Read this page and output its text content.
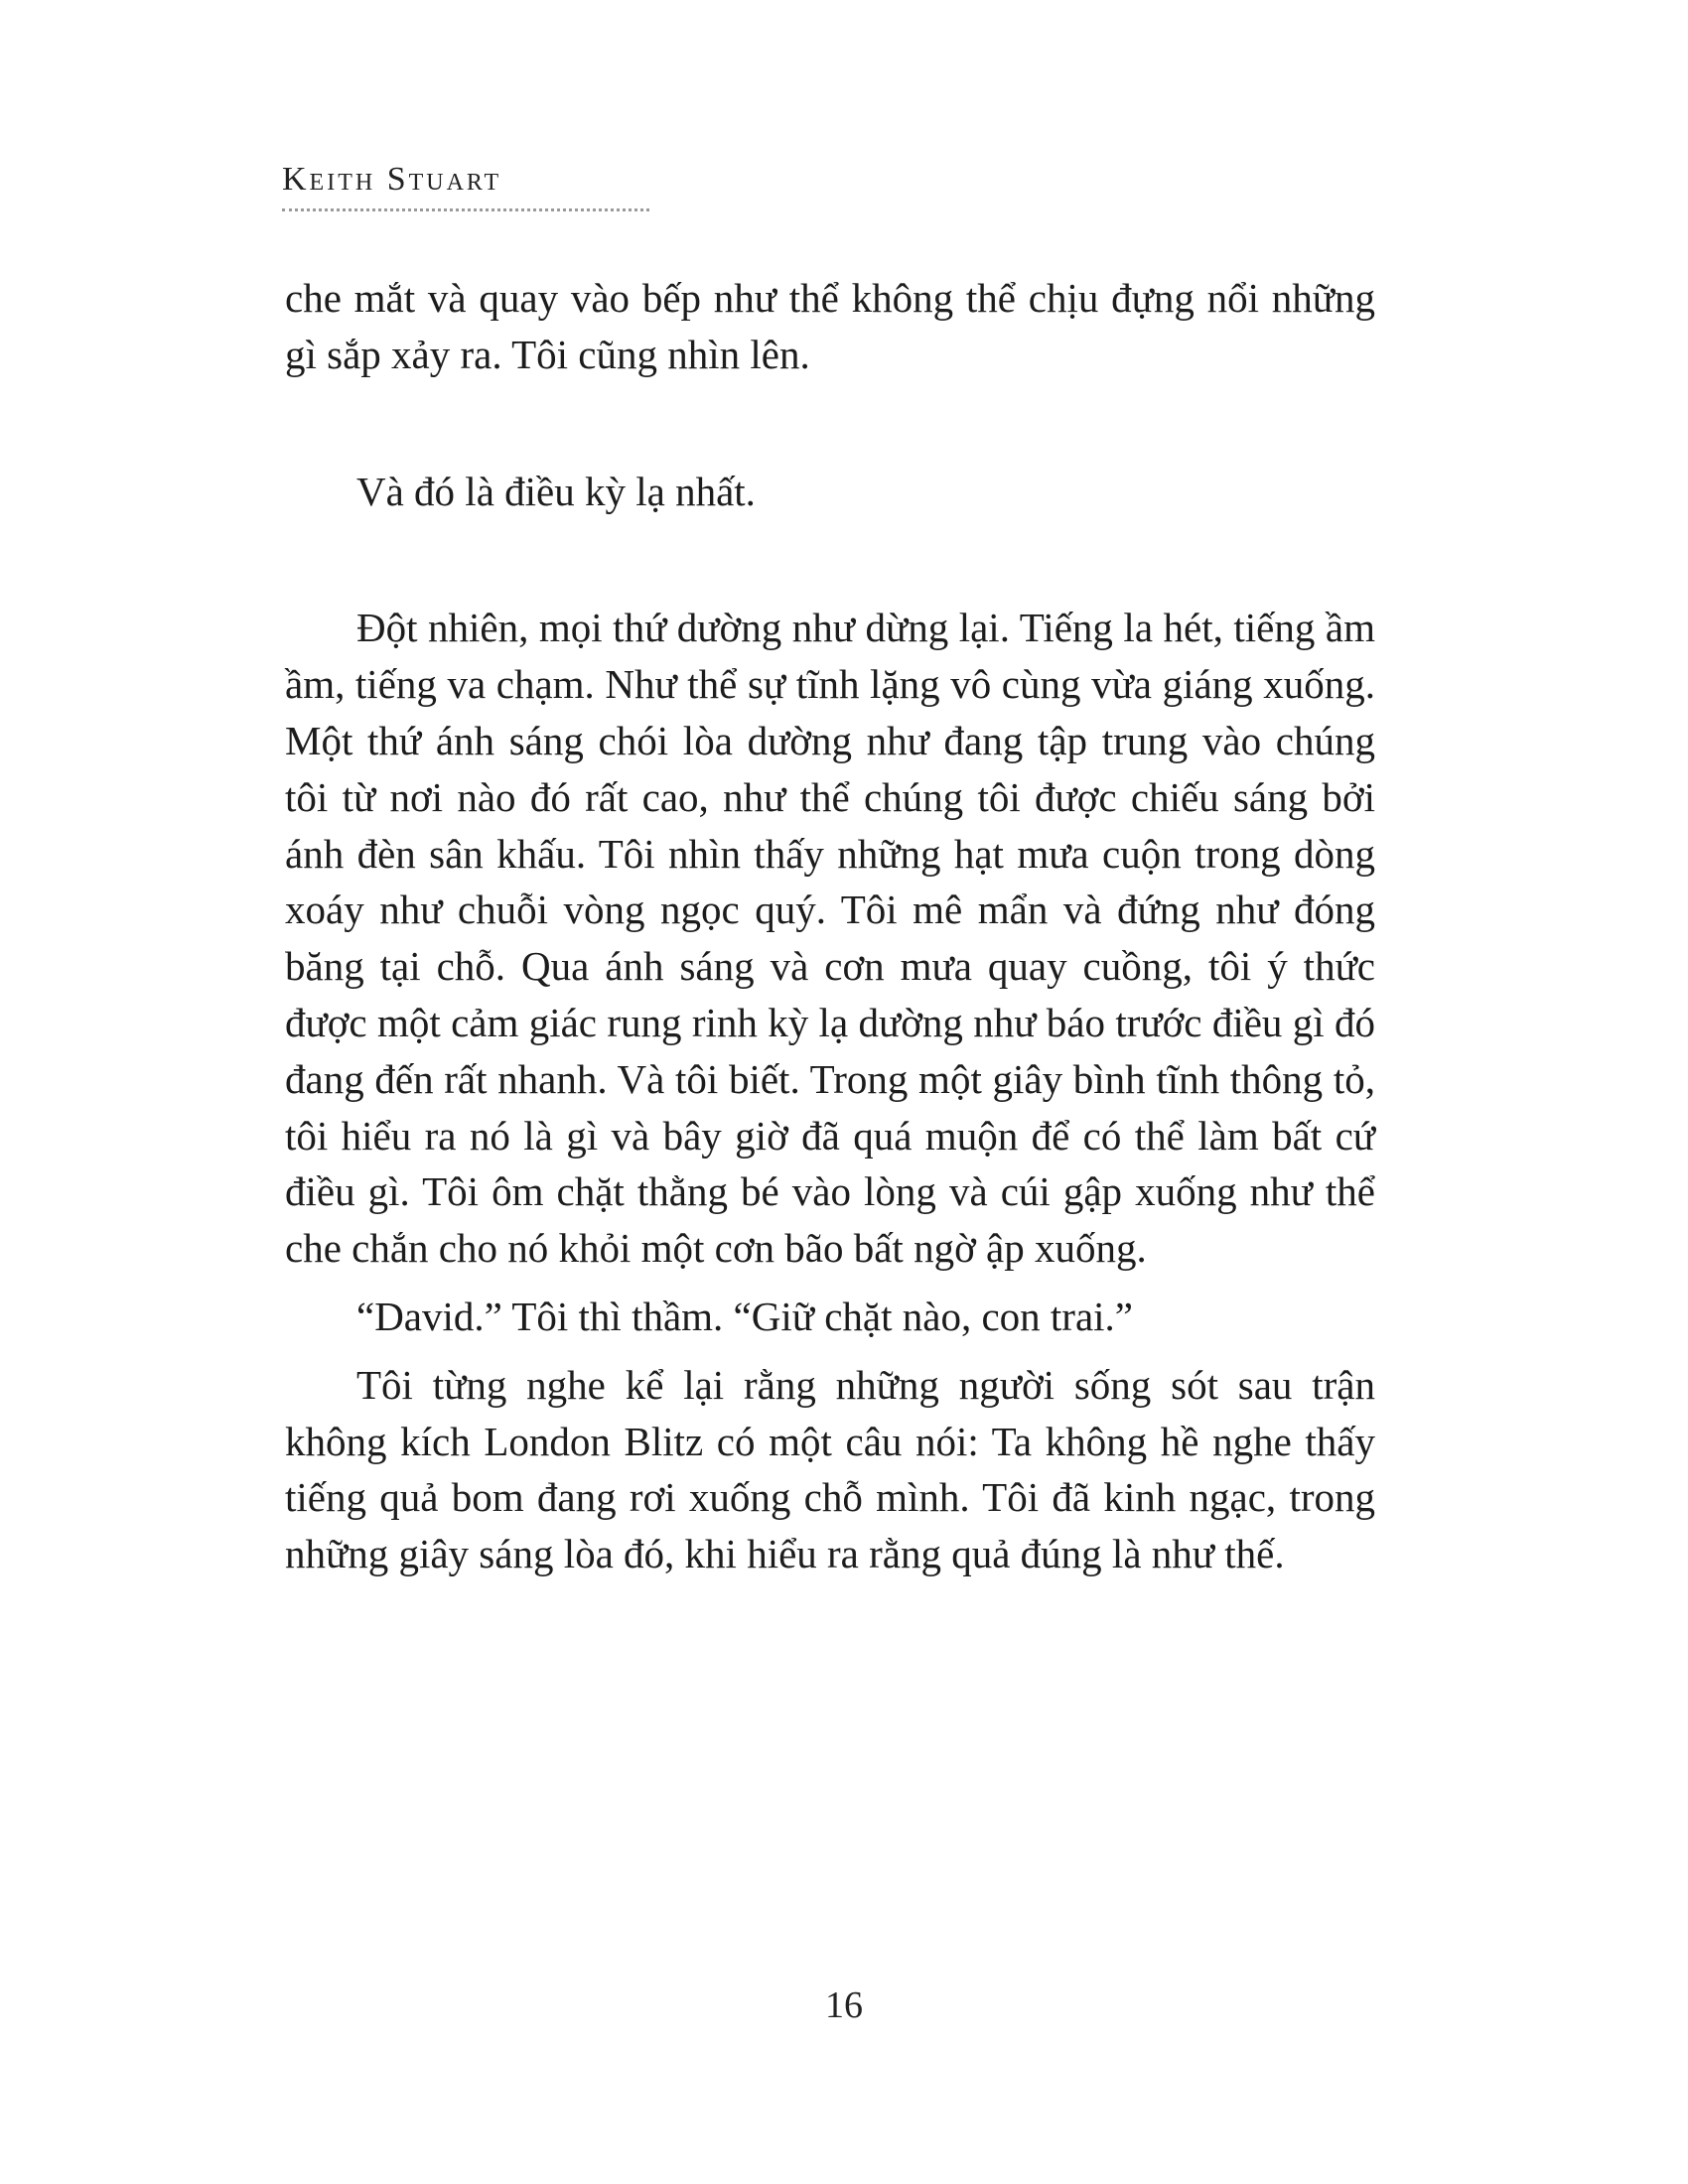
Keith Stuart

che mắt và quay vào bếp như thể không thể chịu đựng nổi những gì sắp xảy ra. Tôi cũng nhìn lên.

Và đó là điều kỳ lạ nhất.

Đột nhiên, mọi thứ dường như dừng lại. Tiếng la hét, tiếng ầm ầm, tiếng va chạm. Như thể sự tĩnh lặng vô cùng vừa giáng xuống. Một thứ ánh sáng chói lòa dường như đang tập trung vào chúng tôi từ nơi nào đó rất cao, như thể chúng tôi được chiếu sáng bởi ánh đèn sân khấu. Tôi nhìn thấy những hạt mưa cuộn trong dòng xoáy như chuỗi vòng ngọc quý. Tôi mê mẩn và đứng như đóng băng tại chỗ. Qua ánh sáng và cơn mưa quay cuồng, tôi ý thức được một cảm giác rung rinh kỳ lạ dường như báo trước điều gì đó đang đến rất nhanh. Và tôi biết. Trong một giây bình tĩnh thông tỏ, tôi hiểu ra nó là gì và bây giờ đã quá muộn để có thể làm bất cứ điều gì. Tôi ôm chặt thằng bé vào lòng và cúi gập xuống như thể che chắn cho nó khỏi một cơn bão bất ngờ ập xuống.

“David.” Tôi thì thầm. “Giữ chặt nào, con trai.”

Tôi từng nghe kể lại rằng những người sống sót sau trận không kích London Blitz có một câu nói: Ta không hề nghe thấy tiếng quả bom đang rơi xuống chỗ mình. Tôi đã kinh ngạc, trong những giây sáng lòa đó, khi hiểu ra rằng quả đúng là như thế.

16
